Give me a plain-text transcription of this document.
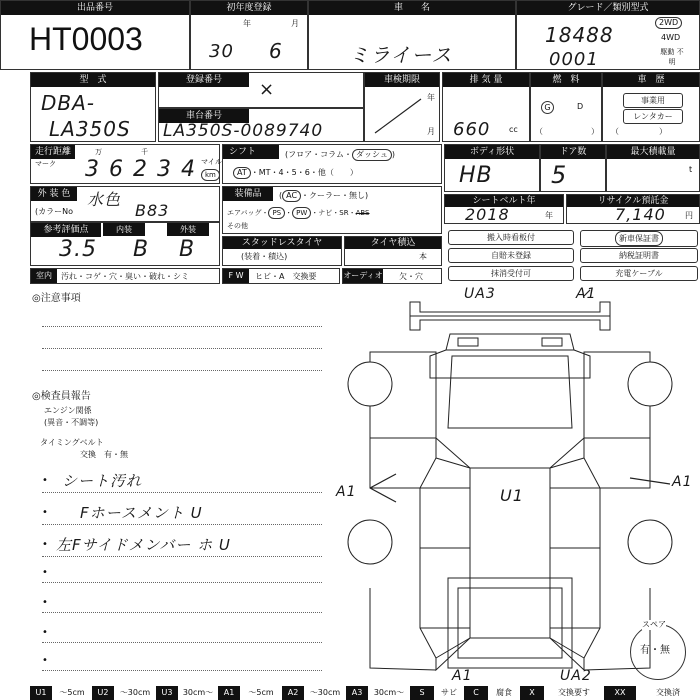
出品番号
HT0003
初年度登録
年	月
30 6
車　　名
ミライース
グレード／類別型式
18488
0001
2WD
4WD
駆動 不明
型　式
DBA-
LA350S
登録番号	×
車台番号
LA350S-0089740
車検期限
年
月
排 気 量
660 cc
燃　料
G	D
（	）
車　歴
事業用
レンタカー
（　　　　　）
走行距離
マーク
万	千
3 6 2 3 4 マイル
km
シフト	(フロア・コラム・ ダッシュ )
AT ・MT・4・5・6・他（　　）
ボディ形状
HB
ドア数
5
最大積載量
t
外 装 色	水色
(カラーNo	B83
装備品	( AC ・クーラー・無し)
エアバッグ・ PS ・ PW ・ナビ・SR・ABS
その他
シートベルト年
2018	年
リサイクル預託金
7,140 円
参考評価点	内装	外装
3.5 B B	スタッドレスタイヤ
(装着・積込)
タイヤ積込
本
搬入時看板付
自賠未登録
抹消受付可
新車保証書
納税証明書
充電ケーブル
室内	汚れ・コゲ・穴・臭い・破れ・シミ	F W	ヒビ・A　交換要	オーディオ 欠・穴
◎注意事項
◎検査員報告
エンジン関係
(異音・不調等)
タイミングベルト
交換　有・無
• シート汚れ
• Fホースメント U
• 左Fサイドメンバー ホ U
•
•
•
•
UA3	A1
A1	U1
A1
A1	UA2
スペア
有・無
U1	〜5cm	U2	〜30cm	U3	30cm〜	A1	〜5cm	A2	〜30cm	A3	30cm〜	S	サビ	C	腐食	X	交換要す	XX	交換済
